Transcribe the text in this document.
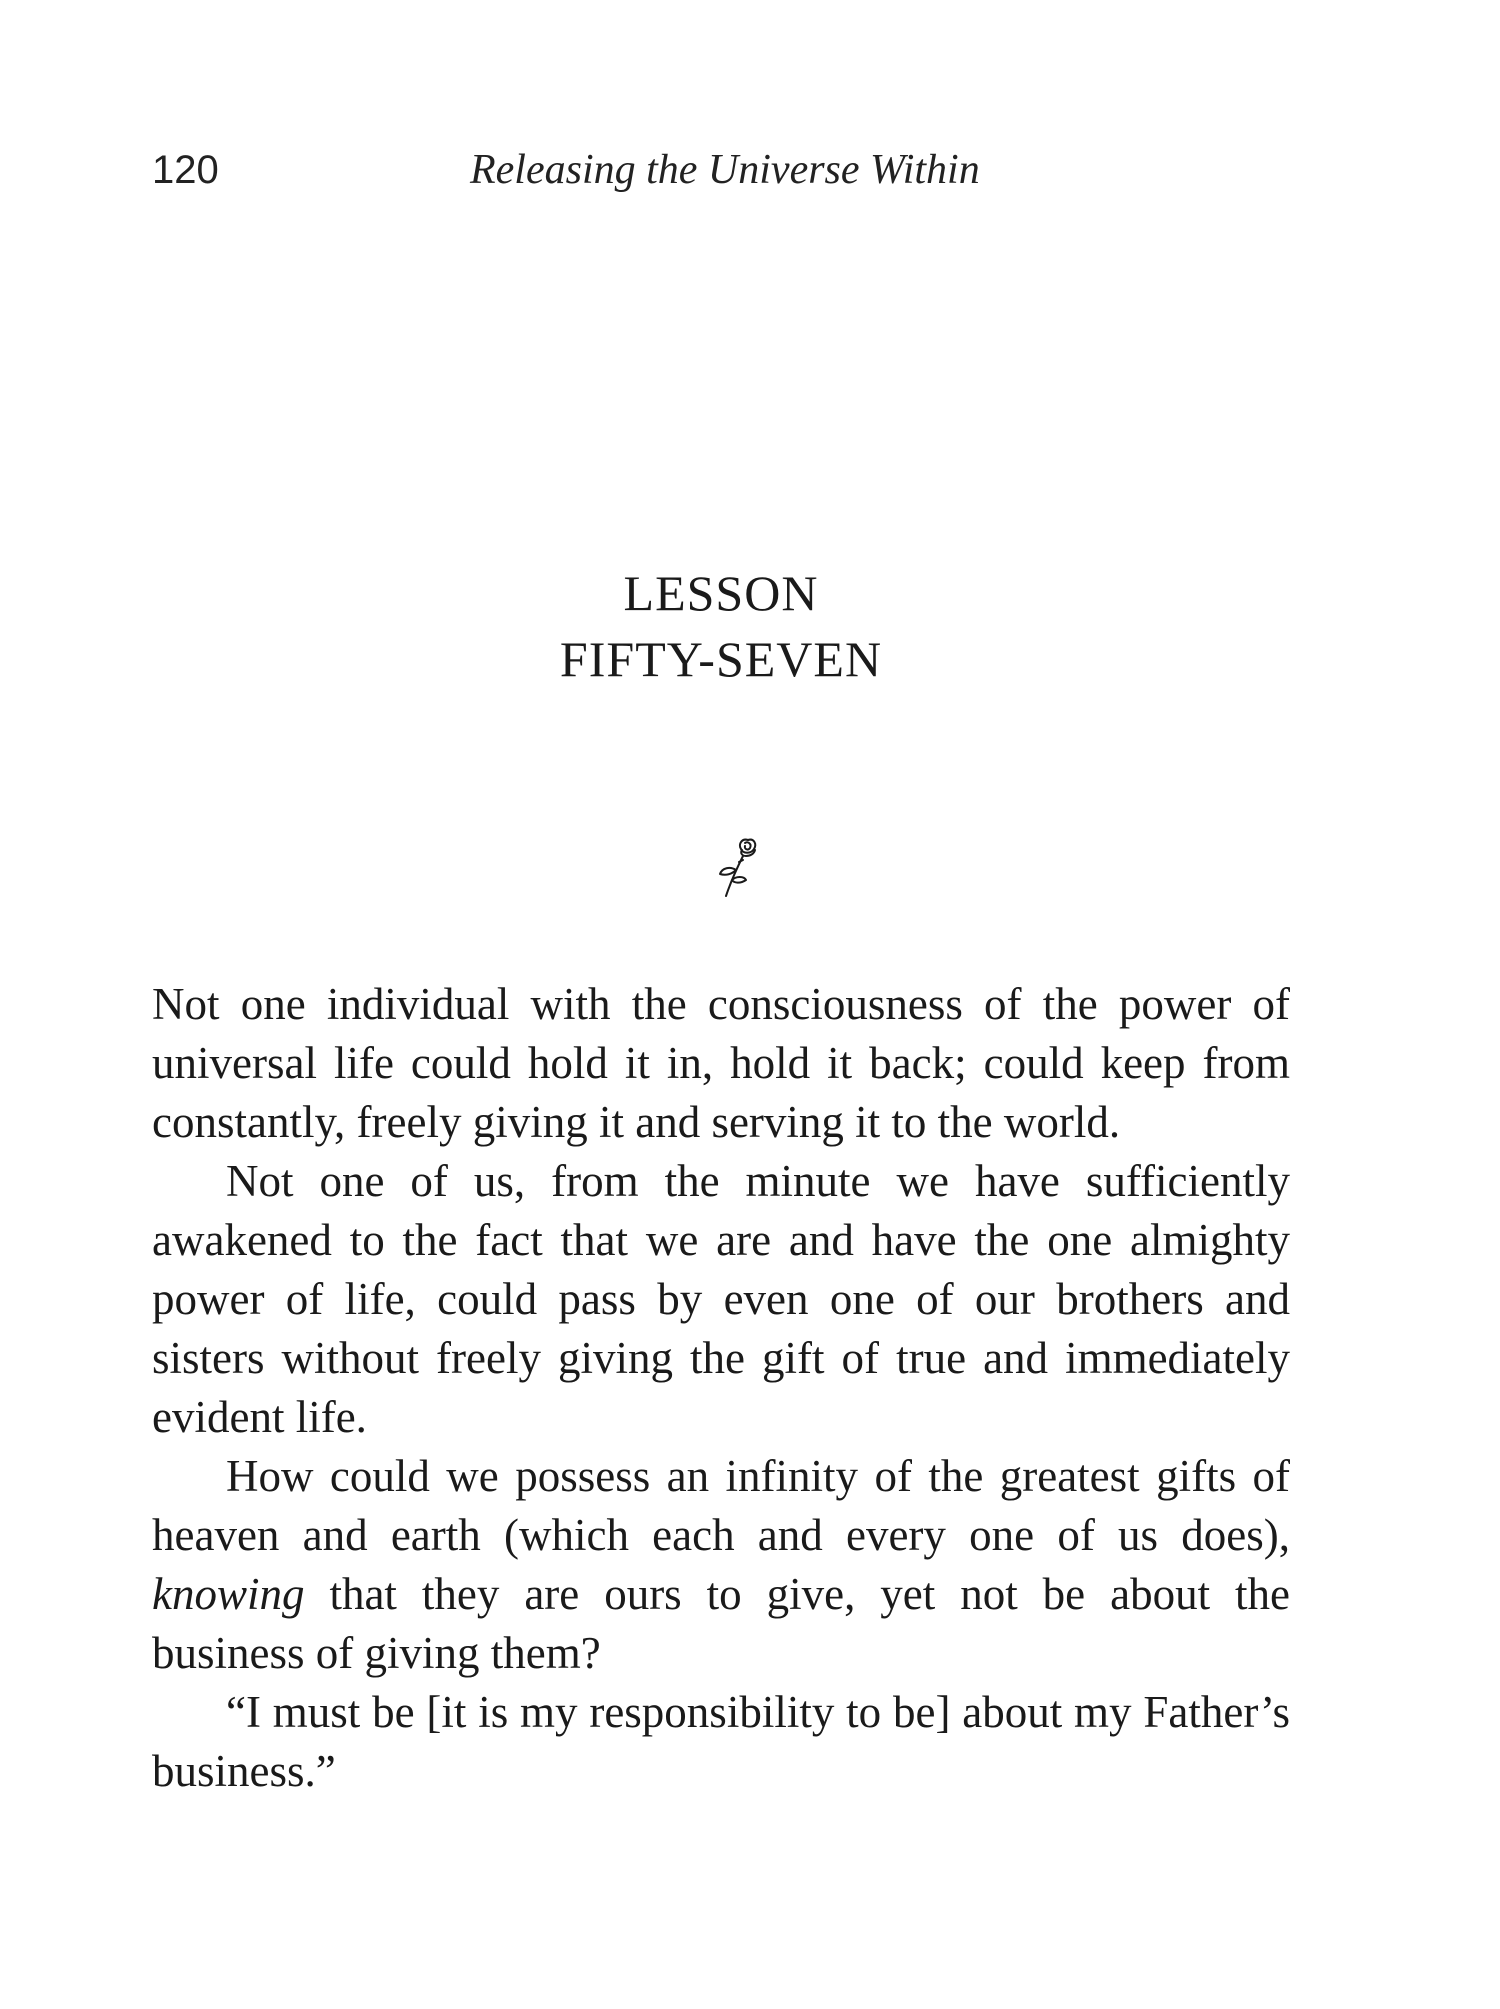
120	Releasing the Universe Within
LESSON
FIFTY-SEVEN

Not one individual with the consciousness of the power of universal life could hold it in, hold it back; could keep from constantly, freely giving it and serving it to the world.

Not one of us, from the minute we have sufficiently awakened to the fact that we are and have the one almighty power of life, could pass by even one of our brothers and sisters without freely giving the gift of true and immediately evident life.

How could we possess an infinity of the greatest gifts of heaven and earth (which each and every one of us does), knowing that they are ours to give, yet not be about the business of giving them?

“I must be [it is my responsibility to be] about my Father’s business.”
